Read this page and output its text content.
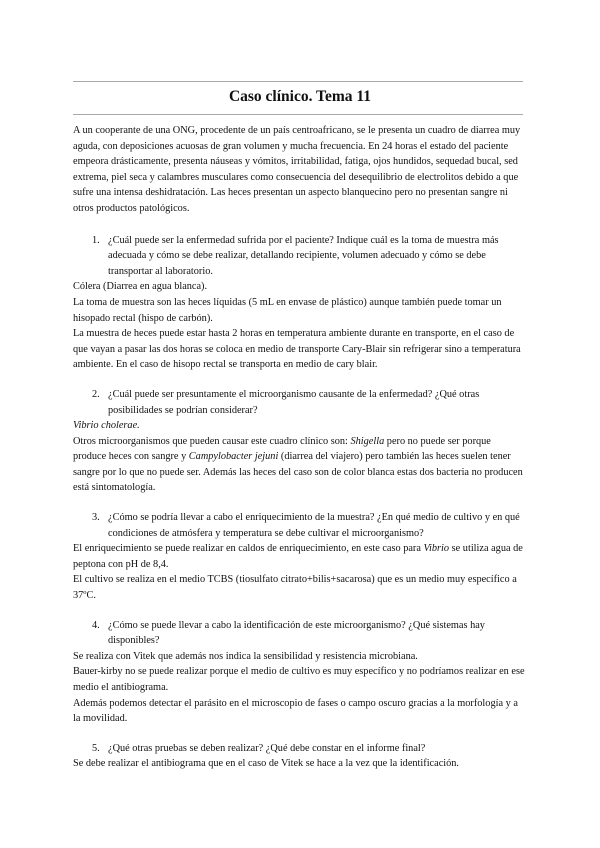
Caso clínico. Tema 11

A un cooperante de una ONG, procedente de un país centroafricano, se le presenta un cuadro de diarrea muy aguda, con deposiciones acuosas de gran volumen y mucha frecuencia. En 24 horas el estado del paciente empeora drásticamente, presenta náuseas y vómitos, irritabilidad, fatiga, ojos hundidos, sequedad bucal, sed extrema, piel seca y calambres musculares como consecuencia del desequilibrio de electrolitos debido a que sufre una intensa deshidratación. Las heces presentan un aspecto blanquecino pero no presentan sangre ni otros productos patológicos.

1. ¿Cuál puede ser la enfermedad sufrida por el paciente? Indique cuál es la toma de muestra más adecuada y cómo se debe realizar, detallando recipiente, volumen adecuado y cómo se debe transportar al laboratorio.

Cólera (Diarrea en agua blanca).

La toma de muestra son las heces líquidas (5 mL en envase de plástico) aunque también puede tomar un hisopado rectal (hispo de carbón).

La muestra de heces puede estar hasta 2 horas en temperatura ambiente durante en transporte, en el caso de que vayan a pasar las dos horas se coloca en medio de transporte Cary-Blair sin refrigerar sino a temperatura ambiente. En el caso de hisopo rectal se transporta en medio de cary blair.

2. ¿Cuál puede ser presuntamente el microorganismo causante de la enfermedad? ¿Qué otras posibilidades se podrían considerar?

Vibrio cholerae.

Otros microorganismos que pueden causar este cuadro clínico son: Shigella pero no puede ser porque produce heces con sangre y Campylobacter jejuni (diarrea del viajero) pero también las heces suelen tener sangre por lo que no puede ser. Además las heces del caso son de color blanca estas dos bacteria no producen está sintomatología.

3. ¿Cómo se podría llevar a cabo el enriquecimiento de la muestra? ¿En qué medio de cultivo y en qué condiciones de atmósfera y temperatura se debe cultivar el microorganismo?

El enriquecimiento se puede realizar en caldos de enriquecimiento, en este caso para Vibrio se utiliza agua de peptona con pH de 8,4.

El cultivo se realiza en el medio TCBS (tiosulfato citrato+bilis+sacarosa) que es un medio muy específico a 37ºC.

4. ¿Cómo se puede llevar a cabo la identificación de este microorganismo? ¿Qué sistemas hay disponibles?

Se realiza con Vitek que además nos indica la sensibilidad y resistencia microbiana.

Bauer-kirby no se puede realizar porque el medio de cultivo es muy específico y no podríamos realizar en ese medio el antibiograma.

Además podemos detectar el parásito en el microscopio de fases o campo oscuro gracias a la morfología y a la movilidad.

5. ¿Qué otras pruebas se deben realizar? ¿Qué debe constar en el informe final?

Se debe realizar el antibiograma que en el caso de Vitek se hace a la vez que la identificación.
